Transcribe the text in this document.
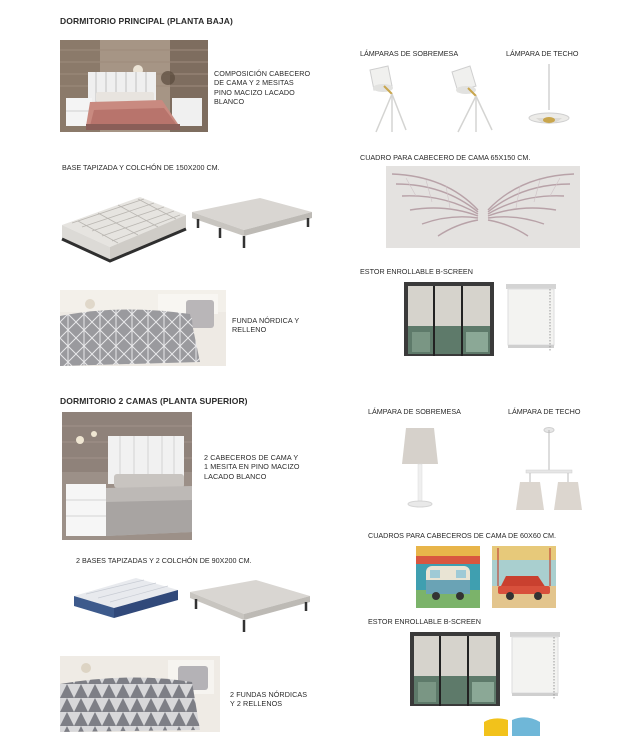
DORMITORIO PRINCIPAL (PLANTA BAJA)
COMPOSICIÓN CABECERO
DE CAMA Y 2 MESITAS
PINO MACIZO LACADO
BLANCO
BASE TAPIZADA Y COLCHÓN DE 150X200 CM.
FUNDA NÓRDICA Y
RELLENO
LÁMPARAS DE SOBREMESA	LÁMPARA DE TECHO
CUADRO PARA CABECERO DE CAMA 65X150 CM.
ESTOR ENROLLABLE B-SCREEN
DORMITORIO 2 CAMAS (PLANTA SUPERIOR)
2 CABECEROS DE CAMA Y
1 MESITA EN PINO MACIZO
LACADO BLANCO
2 BASES TAPIZADAS Y 2 COLCHÓN DE 90X200 CM.
2 FUNDAS NÓRDICAS
Y 2 RELLENOS
LÁMPARA DE SOBREMESA	LÁMPARA DE TECHO
CUADROS PARA CABECEROS DE CAMA DE 60X60 CM.
ESTOR ENROLLABLE B-SCREEN
